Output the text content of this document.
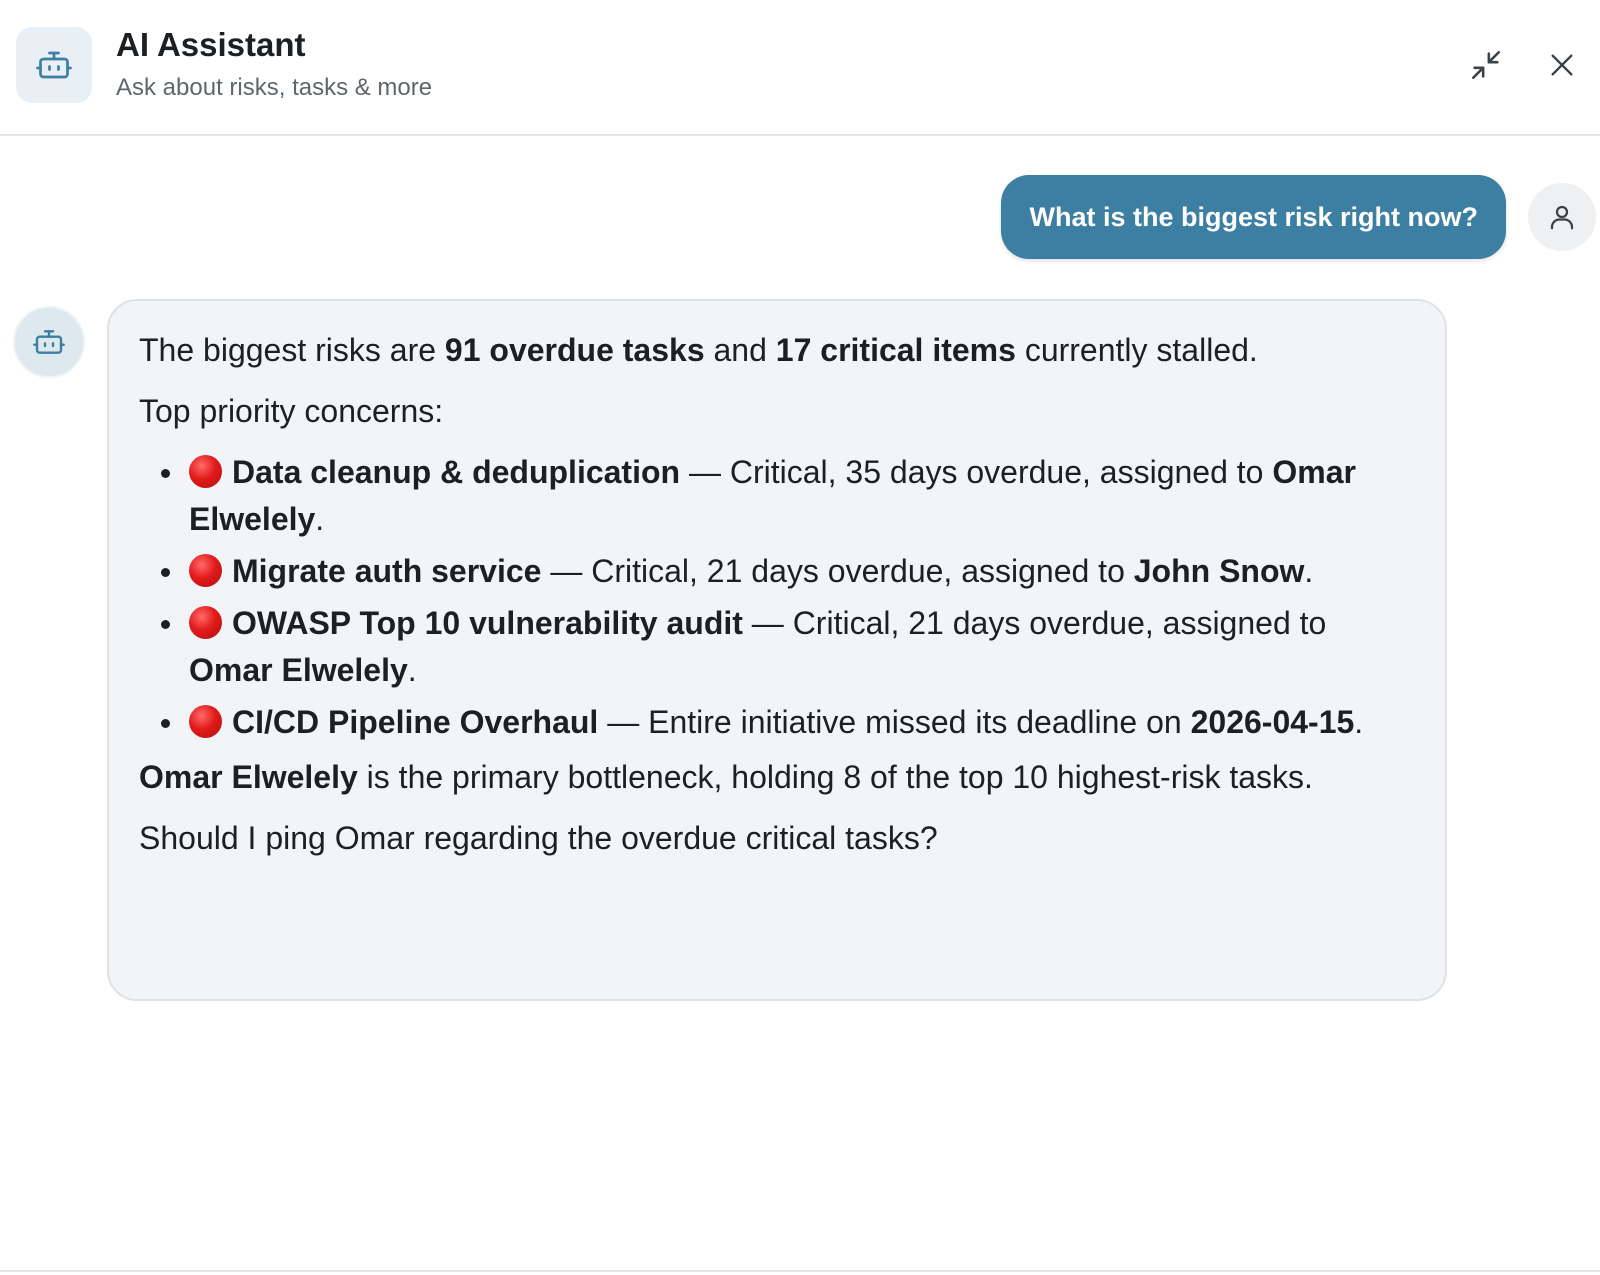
AI Assistant
Ask about risks, tasks & more
What is the biggest risk right now?

The biggest risks are 91 overdue tasks and 17 critical items currently stalled.

Top priority concerns:

Data cleanup & deduplication — Critical, 35 days overdue, assigned to Omar Elwelely.
Migrate auth service — Critical, 21 days overdue, assigned to John Snow.
OWASP Top 10 vulnerability audit — Critical, 21 days overdue, assigned to Omar Elwelely.
CI/CD Pipeline Overhaul — Entire initiative missed its deadline on 2026-04-15.

Omar Elwelely is the primary bottleneck, holding 8 of the top 10 highest-risk tasks.

Should I ping Omar regarding the overdue critical tasks?
